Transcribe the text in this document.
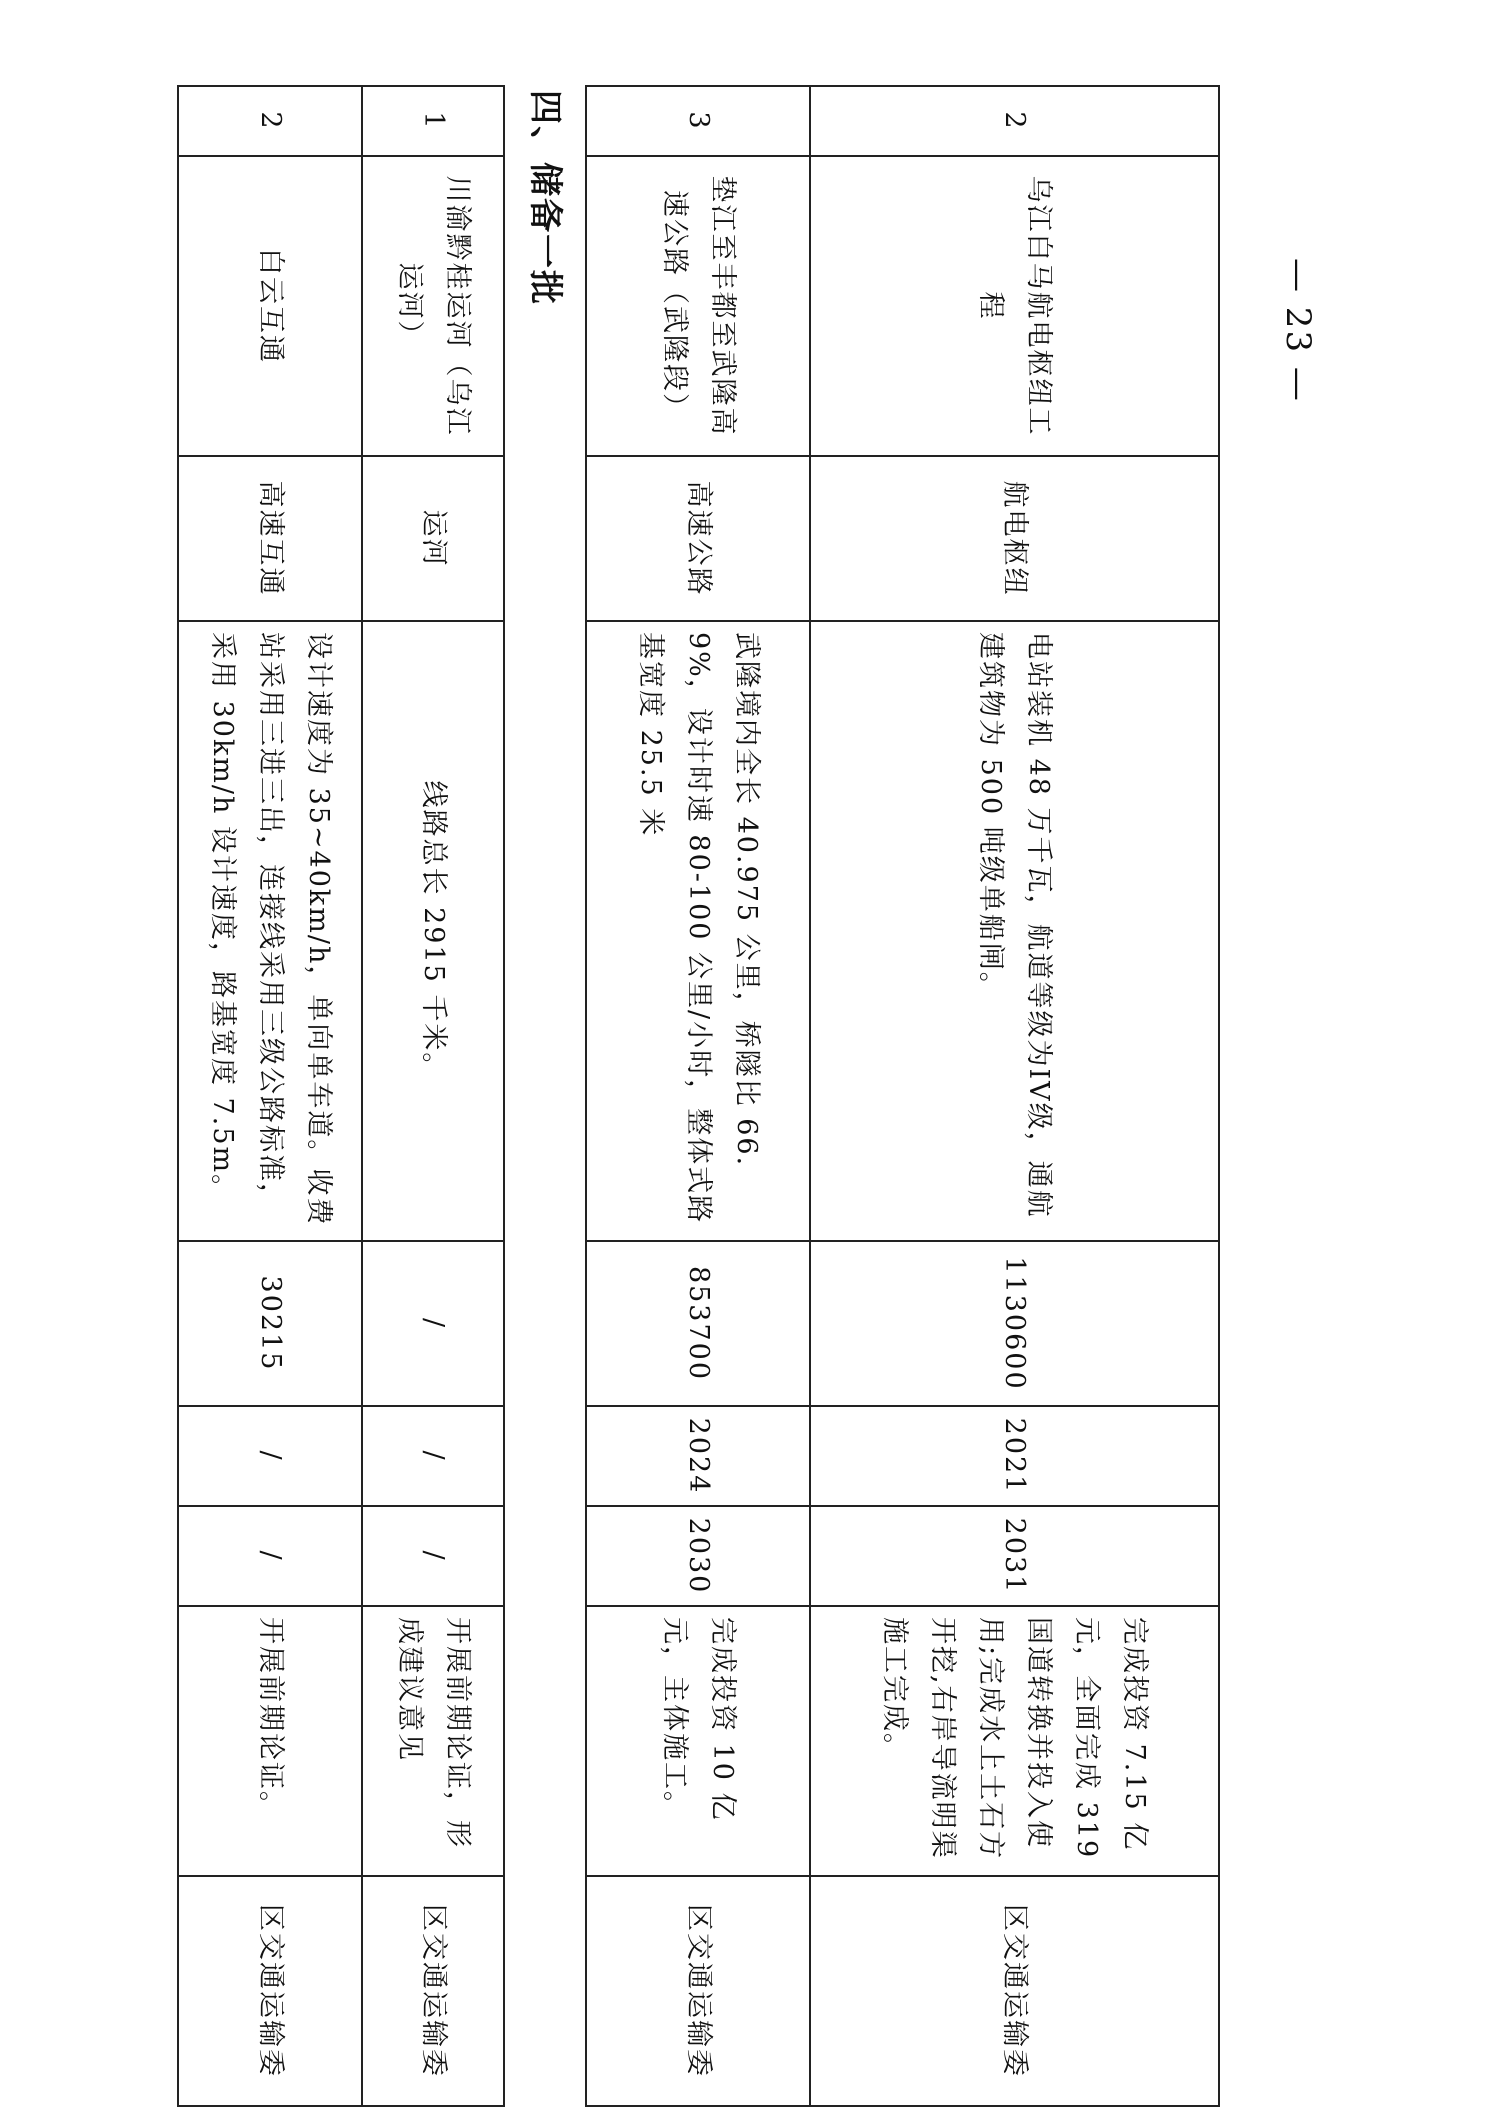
2	乌江白马航电枢纽工程	航电枢纽	电站装机 48 万千瓦，航道等级为IV级，通航建筑物为 500 吨级单船闸。	1130600	2021	2031	完成投资 7.15 亿元，全面完成 319 国道转换并投入使用;完成水上土石方开挖,右岸导流明渠施工完成。	区交通运输委
3	垫江至丰都至武隆高速公路（武隆段）	高速公路	武隆境内全长 40.975 公里，桥隧比 66.9%，设计时速 80-100 公里/小时，整体式路基宽度 25.5 米	853700	2024	2030	完成投资 10 亿元，主体施工。	区交通运输委
四、储备一批								
1	川渝黔桂运河（乌江运河）	运河	线路总长 2915 千米。	/	/	/	开展前期论证，形成建议意见	区交通运输委
2	白云互通	高速互通	设计速度为 35~40km/h，单向单车道。收费站采用三进三出，连接线采用三级公路标准，采用 30km/h 设计速度，路基宽度 7.5m。	30215	/	/	开展前期论证。	区交通运输委
— 23 —
